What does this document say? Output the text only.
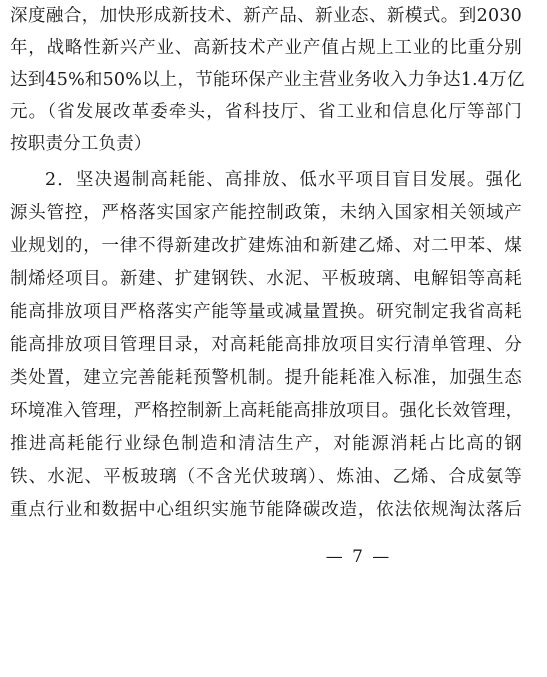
深度融合，加快形成新技术、新产品、新业态、新模式。到2030
年，战略性新兴产业、高新技术产业产值占规上工业的比重分别
达到45%和50%以上，节能环保产业主营业务收入力争达1.4万亿
元。（省发展改革委牵头，省科技厅、省工业和信息化厅等部门
按职责分工负责）
2．坚决遏制高耗能、高排放、低水平项目盲目发展。强化
源头管控，严格落实国家产能控制政策，未纳入国家相关领域产
业规划的，一律不得新建改扩建炼油和新建乙烯、对二甲苯、煤
制烯烃项目。新建、扩建钢铁、水泥、平板玻璃、电解铝等高耗
能高排放项目严格落实产能等量或减量置换。研究制定我省高耗
能高排放项目管理目录，对高耗能高排放项目实行清单管理、分
类处置，建立完善能耗预警机制。提升能耗准入标准，加强生态
环境准入管理，严格控制新上高耗能高排放项目。强化长效管理，
推进高耗能行业绿色制造和清洁生产，对能源消耗占比高的钢
铁、水泥、平板玻璃（不含光伏玻璃）、炼油、乙烯、合成氨等
重点行业和数据中心组织实施节能降碳改造，依法依规淘汰落后
— 7 —
